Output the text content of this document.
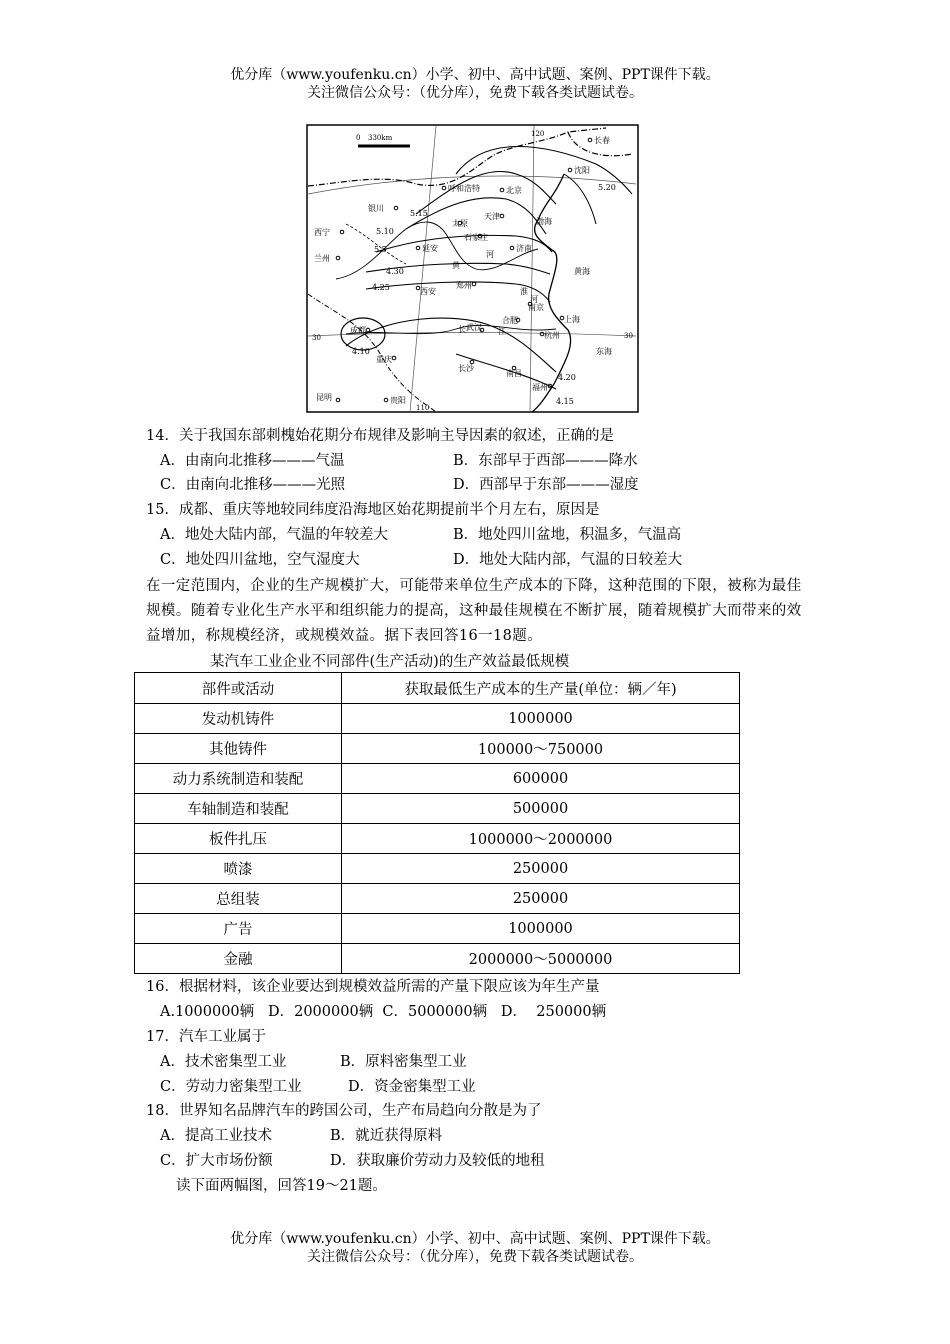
优分库（www.youfenku.cn）小学、初中、高中试题、案例、PPT课件下载。
关注微信公众号：（优分库），免费下载各类试题试卷。
30	30
120
110
0 330km
5.20
5.15
5.10
5.5
4.30
4.25
4.20
4.15
4.10
长春
沈阳
呼和浩特	北京
银川
天津
太原
石家庄
西宁
延安	济南
兰州
西安
郑州
南京
合肥	上海
成都	武汉
杭州
重庆
长沙
南昌
福州
昆明	贵阳
渤海
黄海
东海
黄
河
淮
河
长	江
14．关于我国东部刺槐始花期分布规律及影响主导因素的叙述，正确的是
A．由南向北推移———气温	B．东部早于西部———降水
C．由南向北推移———光照	D．西部早于东部———湿度
15．成都、重庆等地较同纬度沿海地区始花期提前半个月左右，原因是
A．地处大陆内部，气温的年较差大	B．地处四川盆地，积温多，气温高
C．地处四川盆地，空气湿度大	D．地处大陆内部，气温的日较差大
在一定范围内，企业的生产规模扩大，可能带来单位生产成本的下降，这种范围的下限，被称为最佳规模。随着专业化生产水平和组织能力的提高，这种最佳规模在不断扩展，随着规模扩大而带来的效益增加，称规模经济，或规模效益。据下表回答16一18题。
某汽车工业企业不同部件(生产活动)的生产效益最低规模
部件或活动	获取最低生产成本的生产量(单位：辆／年)
发动机铸件	1000000
其他铸件	100000～750000
动力系统制造和装配	600000
车轴制造和装配	500000
板件扎压	1000000～2000000
喷漆	250000
总组装	250000
广告	1000000
金融	2000000～5000000
16．根据材料，该企业要达到规模效益所需的产量下限应该为年生产量
A.1000000辆   D．2000000辆  C．5000000辆   D．  250000辆
17．汽车工业属于
A．技术密集型工业	B．原料密集型工业
C．劳动力密集型工业	D．资金密集型工业
18．世界知名品牌汽车的跨国公司，生产布局趋向分散是为了
A．提高工业技术	B．就近获得原料
C．扩大市场份额	D．获取廉价劳动力及较低的地租
读下面两幅图，回答19～21题。
优分库（www.youfenku.cn）小学、初中、高中试题、案例、PPT课件下载。
关注微信公众号：（优分库），免费下载各类试题试卷。
